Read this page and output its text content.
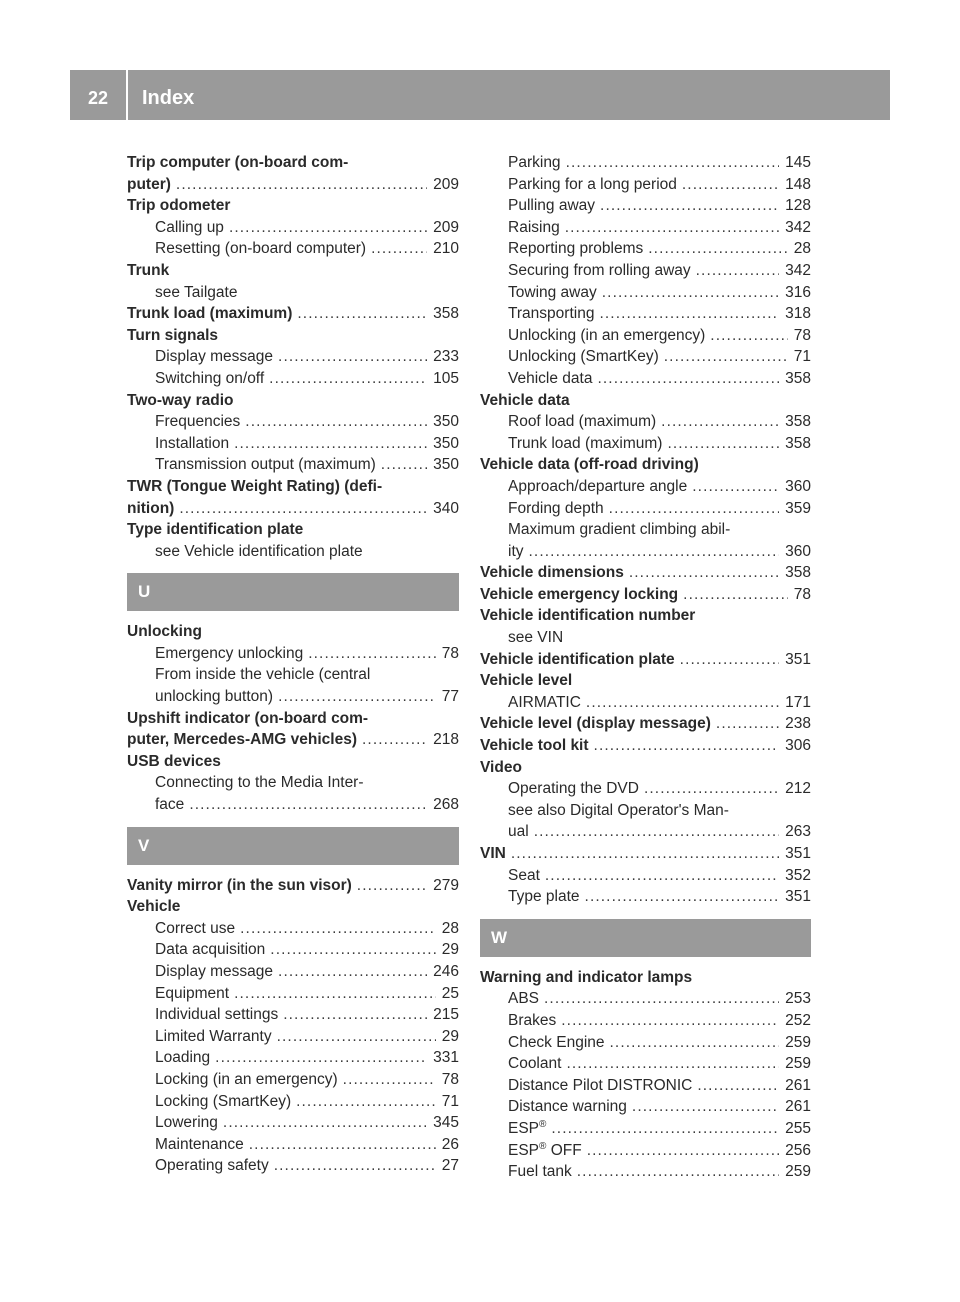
22	Index
Trip computer (on-board com-
puter) . . .	209
Trip odometer
Calling up . . .	209
Resetting (on-board computer) . . .	210
Trunk
see Tailgate
Trunk load (maximum) . . .	358
Turn signals
Display message . . .	233
Switching on/off . . .	105
Two-way radio
Frequencies . . .	350
Installation . . .	350
Transmission output (maximum) . . .	350
TWR (Tongue Weight Rating) (defi-
nition) . . .	340
Type identification plate
see Vehicle identification plate
U
Unlocking
Emergency unlocking . . .	78
From inside the vehicle (central
unlocking button) . . .	77
Upshift indicator (on-board com-
puter, Mercedes-AMG vehicles) . . .	218
USB devices
Connecting to the Media Inter-
face . . .	268
V
Vanity mirror (in the sun visor) . . .	279
Vehicle
Correct use . . .	28
Data acquisition . . .	29
Display message . . .	246
Equipment . . .	25
Individual settings . . .	215
Limited Warranty . . .	29
Loading . . .	331
Locking (in an emergency) . . .	78
Locking (SmartKey) . . .	71
Lowering . . .	345
Maintenance . . .	26
Operating safety . . .	27
Parking . . .	145
Parking for a long period . . .	148
Pulling away . . .	128
Raising . . .	342
Reporting problems . . .	28
Securing from rolling away . . .	342
Towing away . . .	316
Transporting . . .	318
Unlocking (in an emergency) . . .	78
Unlocking (SmartKey) . . .	71
Vehicle data . . .	358
Vehicle data
Roof load (maximum) . . .	358
Trunk load (maximum) . . .	358
Vehicle data (off-road driving)
Approach/departure angle . . .	360
Fording depth . . .	359
Maximum gradient climbing abil-
ity . . .	360
Vehicle dimensions . . .	358
Vehicle emergency locking . . .	78
Vehicle identification number
see VIN
Vehicle identification plate . . .	351
Vehicle level
AIRMATIC . . .	171
Vehicle level (display message) . . .	238
Vehicle tool kit . . .	306
Video
Operating the DVD . . .	212
see also Digital Operator's Man-
ual . . .	263
VIN . . .	351
Seat . . .	352
Type plate . . .	351
W
Warning and indicator lamps
ABS . . .	253
Brakes . . .	252
Check Engine . . .	259
Coolant . . .	259
Distance Pilot DISTRONIC . . .	261
Distance warning . . .	261
ESP® . . .	255
ESP® OFF . . .	256
Fuel tank . . .	259
